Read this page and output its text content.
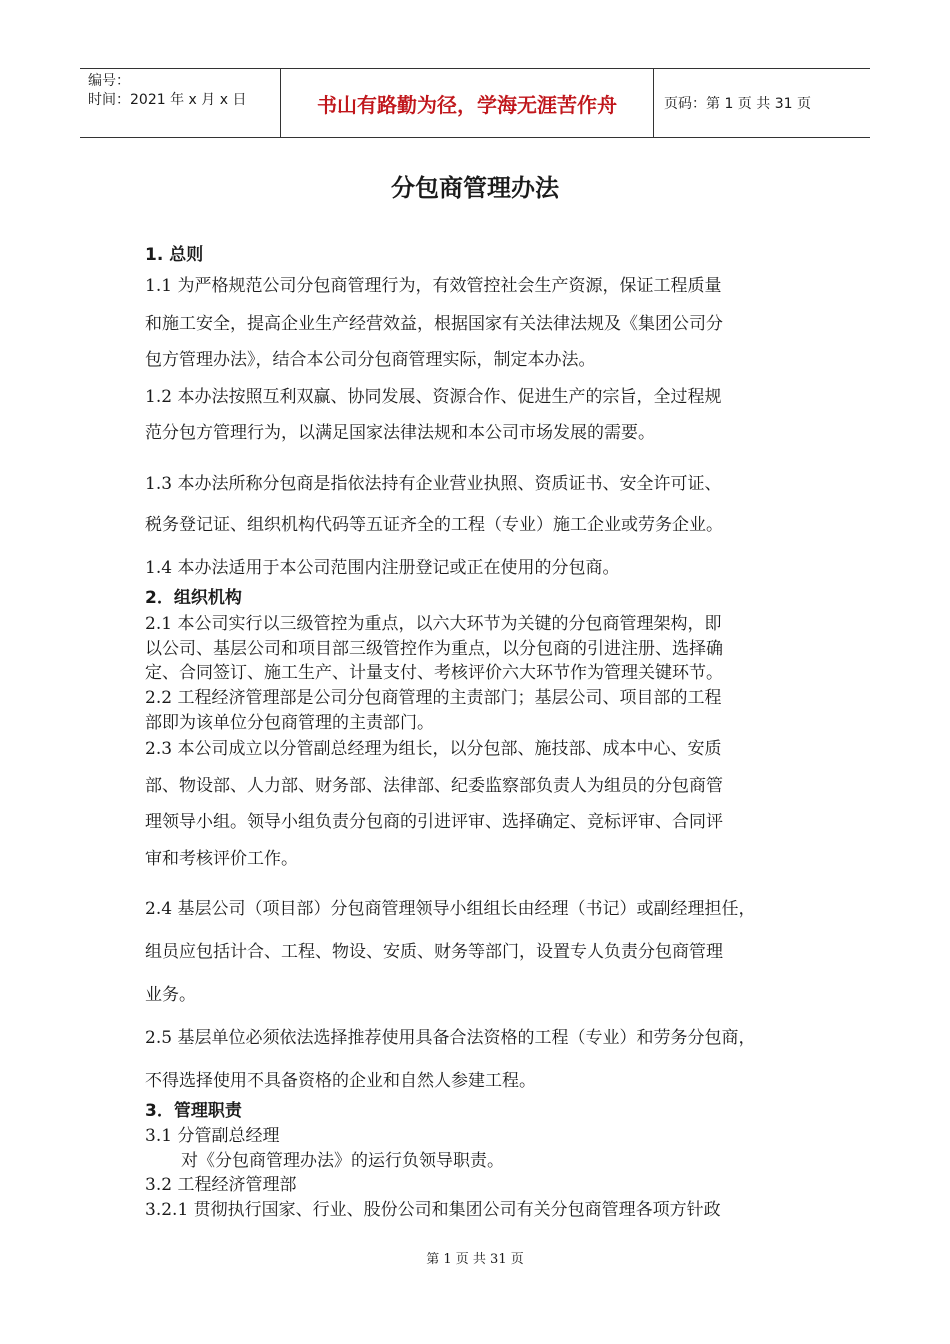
编号：
时间：2021 年 x 月 x 日	书山有路勤为径，学海无涯苦作舟	页码：第 1 页 共 31 页
分包商管理办法
1. 总则
1.1 为严格规范公司分包商管理行为，有效管控社会生产资源，保证工程质量
和施工安全，提高企业生产经营效益，根据国家有关法律法规及《集团公司分
包方管理办法》，结合本公司分包商管理实际，制定本办法。
1.2 本办法按照互利双赢、协同发展、资源合作、促进生产的宗旨，全过程规
范分包方管理行为，以满足国家法律法规和本公司市场发展的需要。
1.3 本办法所称分包商是指依法持有企业营业执照、资质证书、安全许可证、
税务登记证、组织机构代码等五证齐全的工程（专业）施工企业或劳务企业。
1.4 本办法适用于本公司范围内注册登记或正在使用的分包商。
2．组织机构
2.1 本公司实行以三级管控为重点，以六大环节为关键的分包商管理架构，即
以公司、基层公司和项目部三级管控作为重点，以分包商的引进注册、选择确
定、合同签订、施工生产、计量支付、考核评价六大环节作为管理关键环节。
2.2 工程经济管理部是公司分包商管理的主责部门；基层公司、项目部的工程
部即为该单位分包商管理的主责部门。
2.3 本公司成立以分管副总经理为组长，以分包部、施技部、成本中心、安质
部、物设部、人力部、财务部、法律部、纪委监察部负责人为组员的分包商管
理领导小组。领导小组负责分包商的引进评审、选择确定、竞标评审、合同评
审和考核评价工作。
2.4 基层公司（项目部）分包商管理领导小组组长由经理（书记）或副经理担任，
组员应包括计合、工程、物设、安质、财务等部门，设置专人负责分包商管理
业务。
2.5 基层单位必须依法选择推荐使用具备合法资格的工程（专业）和劳务分包商，
不得选择使用不具备资格的企业和自然人参建工程。
3．管理职责
3.1 分管副总经理
对《分包商管理办法》的运行负领导职责。
3.2 工程经济管理部
3.2.1 贯彻执行国家、行业、股份公司和集团公司有关分包商管理各项方针政
第 1 页 共 31 页
